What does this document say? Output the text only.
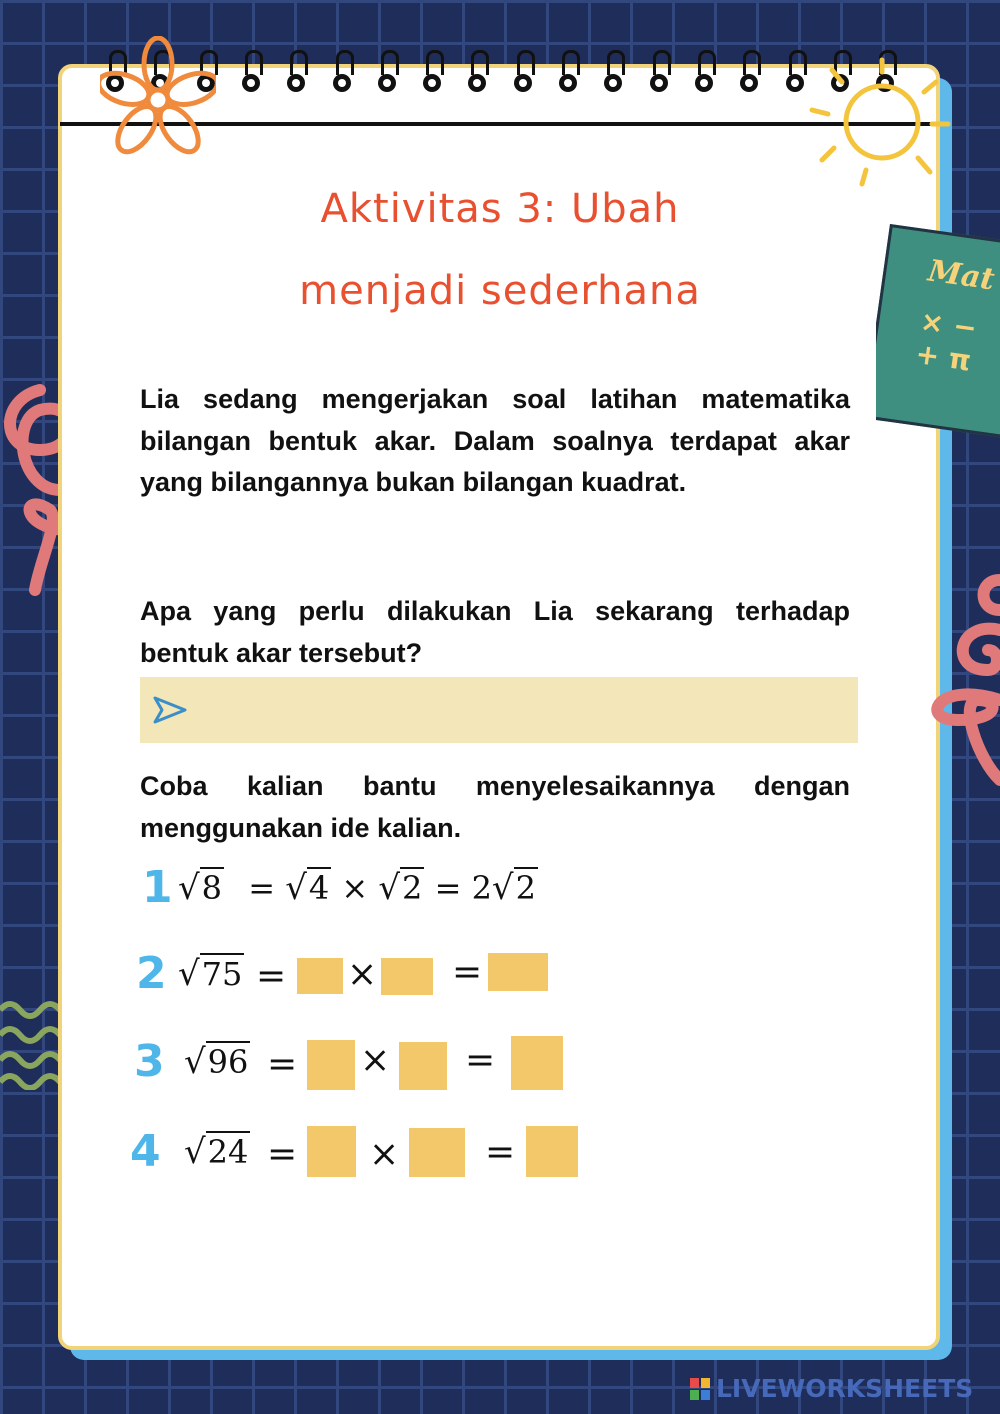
Mat
× −
+ π
Aktivitas 3: Ubah
menjadi sederhana

Lia sedang mengerjakan soal latihan matematika bilangan bentuk akar. Dalam soalnya terdapat akar yang bilangannya bukan bilangan kuadrat.

Apa yang perlu dilakukan Lia sekarang terhadap bentuk akar tersebut?

Coba kalian bantu menyelesaikannya dengan menggunakan ide kalian.

1 √8 = √4 × √2 = 2√2
2 √75 = × =
3 √96 = × =
4 √24 = × =
LIVEWORKSHEETS
